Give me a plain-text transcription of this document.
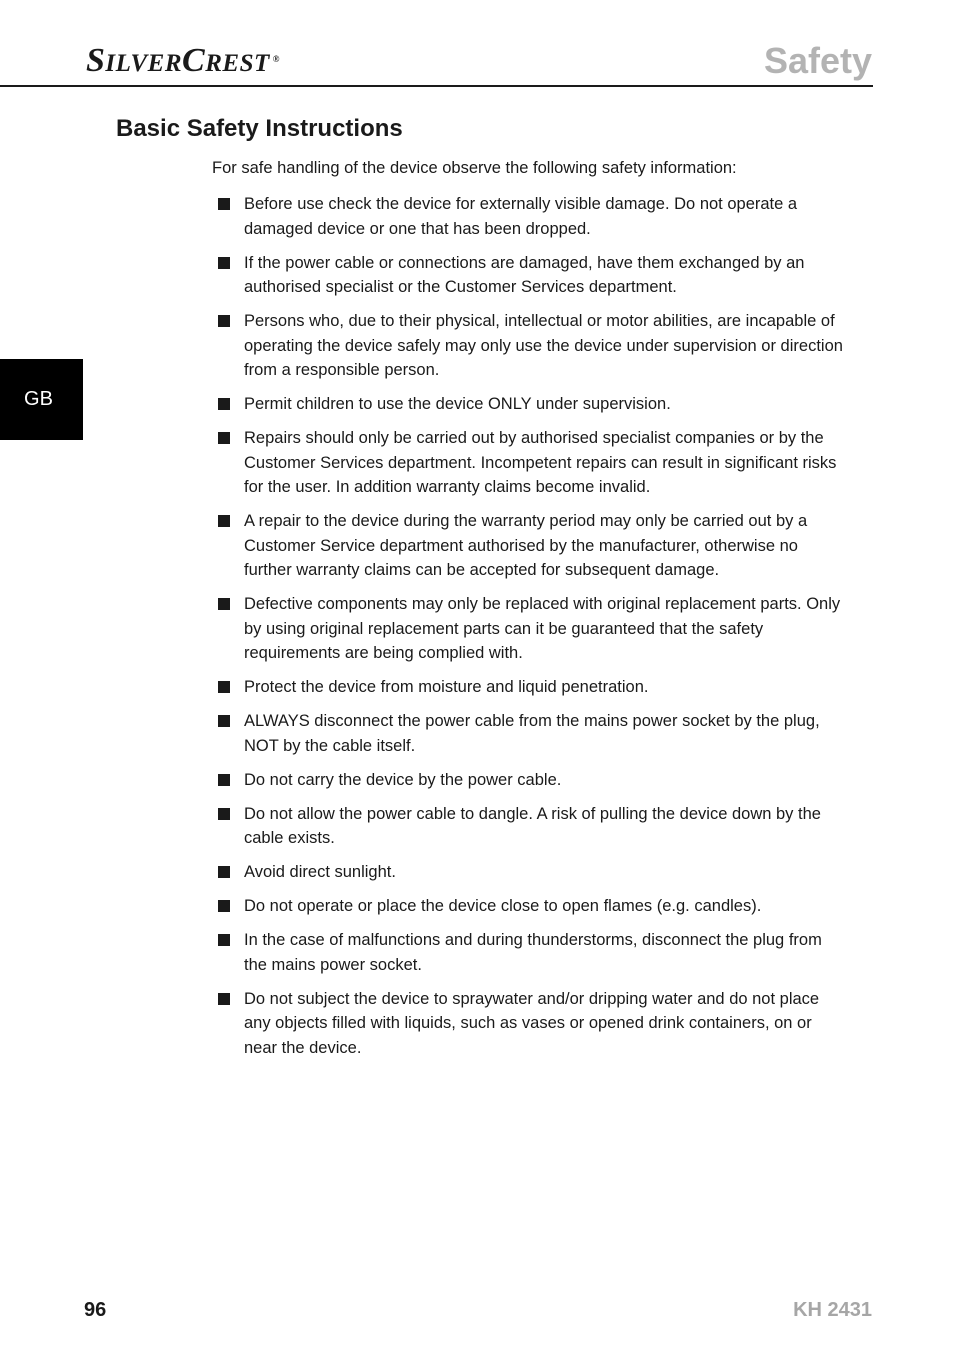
SILVERCREST ®	Safety
GB
Basic Safety Instructions

For safe handling of the device observe the following safety information:

Before use check the device for externally visible damage. Do not operate a damaged device or one that has been dropped.
If the power cable or connections are damaged, have them exchanged by an authorised specialist or the Customer Services department.
Persons who, due to their physical, intellectual or motor abilities, are incapable of operating the device safely may only use the device under supervision or direction from a responsible person.
Permit children to use the device ONLY under supervision.
Repairs should only be carried out by authorised specialist companies or by the Customer Services department. Incompetent repairs can result in significant risks for the user. In addition warranty claims become invalid.
A repair to the device during the warranty period may only be carried out by a Customer Service department authorised by the manufacturer, otherwise no further warranty claims can be accepted for subsequent damage.
Defective components may only be replaced with original replacement parts. Only by using original replacement parts can it be guaranteed that the safety requirements are being complied with.
Protect the device from moisture and liquid penetration.
ALWAYS disconnect the power cable from the mains power socket by the plug, NOT by the cable itself.
Do not carry the device by the power cable.
Do not allow the power cable to dangle. A risk of pulling the device down by the cable exists.
Avoid direct sunlight.
Do not operate or place the device close to open flames (e.g. candles).
In the case of malfunctions and during thunderstorms, disconnect the plug from the mains power socket.
Do not subject the device to spraywater and/or dripping water and do not place any objects filled with liquids, such as vases or opened drink containers, on or near the device.
96	KH 2431
